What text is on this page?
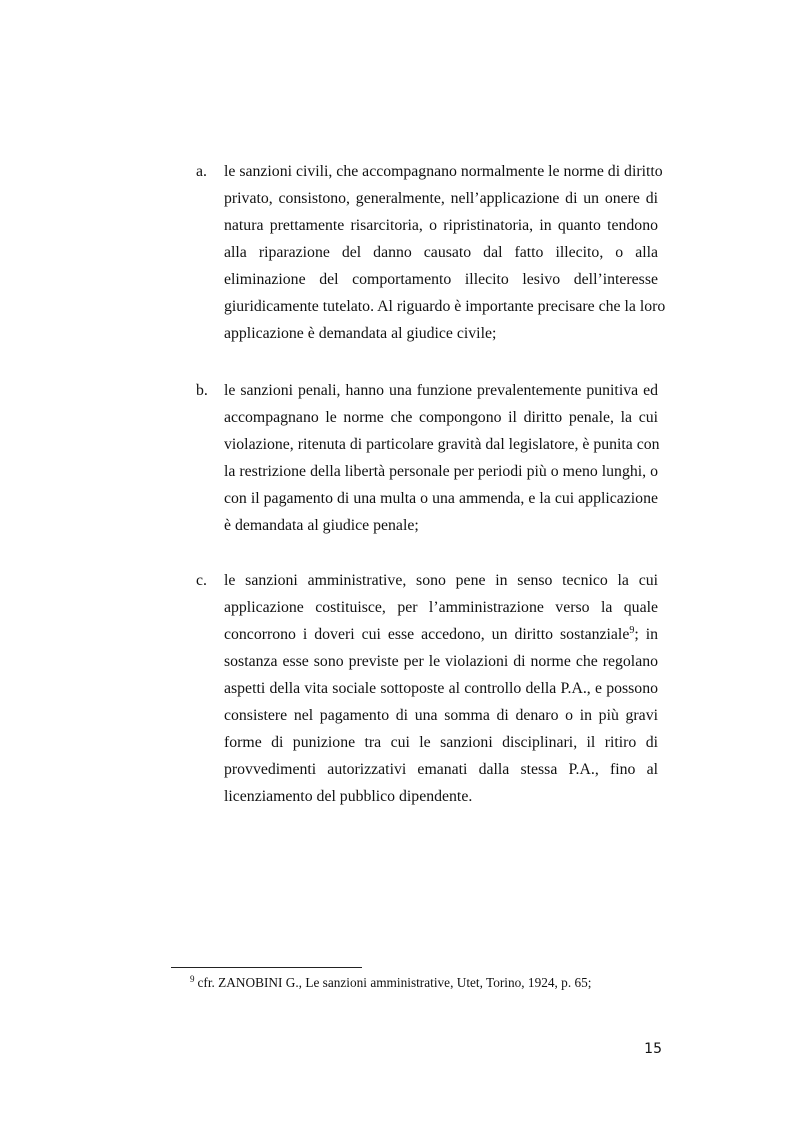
a. le sanzioni civili, che accompagnano normalmente le norme di diritto
privato, consistono, generalmente, nell’applicazione di un onere di
natura prettamente risarcitoria, o ripristinatoria, in quanto tendono
alla riparazione del danno causato dal fatto illecito, o alla
eliminazione del comportamento illecito lesivo dell’interesse
giuridicamente tutelato. Al riguardo è importante precisare che la loro
applicazione è demandata al giudice civile;
b. le sanzioni penali, hanno una funzione prevalentemente punitiva ed
accompagnano le norme che compongono il diritto penale, la cui
violazione, ritenuta di particolare gravità dal legislatore, è punita con
la restrizione della libertà personale per periodi più o meno lunghi, o
con il pagamento di una multa o una ammenda, e la cui applicazione
è demandata al giudice penale;
c. le sanzioni amministrative, sono pene in senso tecnico la cui
applicazione costituisce, per l’amministrazione verso la quale
concorrono i doveri cui esse accedono, un diritto sostanziale$^9$; in
sostanza esse sono previste per le violazioni di norme che regolano
aspetti della vita sociale sottoposte al controllo della P.A., e possono
consistere nel pagamento di una somma di denaro o in più gravi
forme di punizione tra cui le sanzioni disciplinari, il ritiro di
provvedimenti autorizzativi emanati dalla stessa P.A., fino al
licenziamento del pubblico dipendente.
$^9$ cfr. ZANOBINI G., Le sanzioni amministrative, Utet, Torino, 1924, p. 65;
15
